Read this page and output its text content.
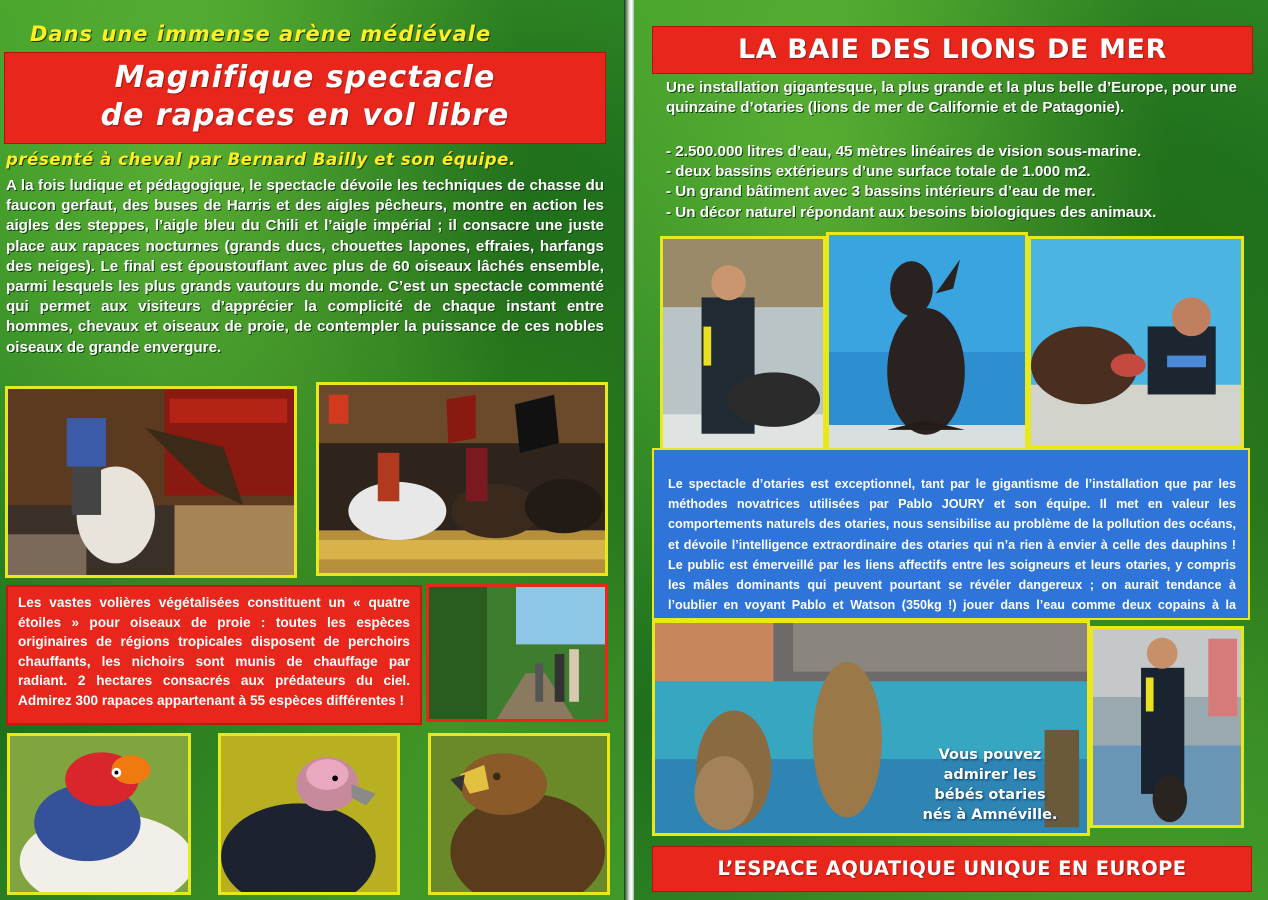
Dans une immense arène médiévale
Magnifique spectacle
de rapaces en vol libre
présenté à cheval par Bernard Bailly et son équipe.
A la fois ludique et pédagogique, le spectacle dévoile les techniques de chasse du faucon gerfaut, des buses de Harris et des aigles pêcheurs, montre en action les aigles des steppes, l’aigle bleu du Chili et l’aigle impérial ; il consacre une juste place aux rapaces nocturnes (grands ducs, chouettes lapones, effraies, harfangs des neiges). Le final est époustouflant avec plus de 60 oiseaux lâchés ensemble, parmi lesquels les plus grands vautours du monde. C’est un spectacle commenté qui permet aux visiteurs d’apprécier la complicité de chaque instant entre hommes, chevaux et oiseaux de proie, de contempler la puissance de ces nobles oiseaux de grande envergure.
Les vastes volières végétalisées constituent un « quatre étoiles » pour oiseaux de proie : toutes les espèces originaires de régions tropicales disposent de perchoirs chauffants, les nichoirs sont munis de chauffage par radiant. 2 hectares consacrés aux prédateurs du ciel. Admirez 300 rapaces appartenant à 55 espèces différentes !
LA BAIE DES LIONS DE MER
Une installation gigantesque, la plus grande et la plus belle d’Europe, pour une quinzaine d’otaries (lions de mer de Californie et de Patagonie).
- 2.500.000 litres d’eau, 45 mètres linéaires de vision sous-marine.
- deux bassins extérieurs d’une surface totale de 1.000 m2.
- Un grand bâtiment avec 3 bassins intérieurs d’eau de mer.
- Un décor naturel répondant aux besoins biologiques des animaux.
Le spectacle d’otaries est exceptionnel, tant par le gigantisme de l’installation que par les méthodes novatrices utilisées par Pablo JOURY et son équipe. Il met en valeur les comportements naturels des otaries, nous sensibilise au problème de la pollution des océans, et dévoile l’intelligence extraordinaire des otaries qui n’a rien à envier à celle des dauphins ! Le public est émerveillé par les liens affectifs entre les soigneurs et leurs otaries, y compris les mâles dominants qui peuvent pourtant se révéler dangereux ; on aurait tendance à l’oublier en voyant Pablo et Watson (350kg !) jouer dans l’eau comme deux copains à la
Vous pouvez
admirer les
bébés otaries
nés à Amnéville.
L’ESPACE AQUATIQUE UNIQUE EN EUROPE
